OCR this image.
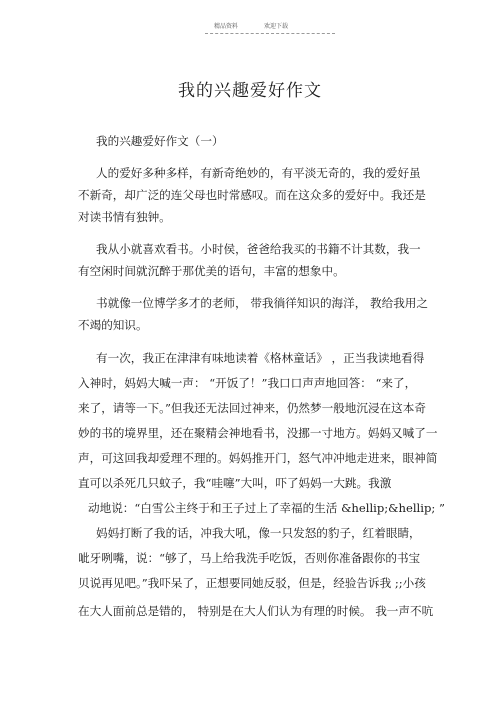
精品资料	欢迎下载
我的兴趣爱好作文
我的兴趣爱好作文（一）
人的爱好多种多样，有新奇绝妙的，有平淡无奇的，我的爱好虽
不新奇，却广泛的连父母也时常感叹。而在这众多的爱好中。我还是
对读书情有独钟。
我从小就喜欢看书。小时侯，爸爸给我买的书籍不计其数，我一
有空闲时间就沉醉于那优美的语句，丰富的想象中。
书就像一位博学多才的老师， 带我徜徉知识的海洋， 教给我用之
不竭的知识。
有一次，我正在津津有味地读着《格林童话》 ，正当我读地看得
入神时，妈妈大喊一声： “开饭了！”我口口声声地回答： “来了，
来了，请等一下。”但我还无法回过神来，仍然梦一般地沉浸在这本奇
妙的书的境界里，还在聚精会神地看书，没挪一寸地方。妈妈又喊了一
声，可这回我却爱理不理的。妈妈推开门，怒气冲冲地走进来，眼神简
直可以杀死几只蚊子，我“哇噻”大叫，吓了妈妈一大跳。我激
动地说：“白雪公主终于和王子过上了幸福的生活 &hellip;&hellip; ”
妈妈打断了我的话，冲我大吼，像一只发怒的豹子，红着眼睛，
呲牙咧嘴，说：“够了，马上给我洗手吃饭，否则你准备跟你的书宝
贝说再见吧。”我吓呆了，正想要同她反驳，但是，经验告诉我 ;;小孩
在大人面前总是错的， 特别是在大人们认为有理的时候。 我一声不吭
